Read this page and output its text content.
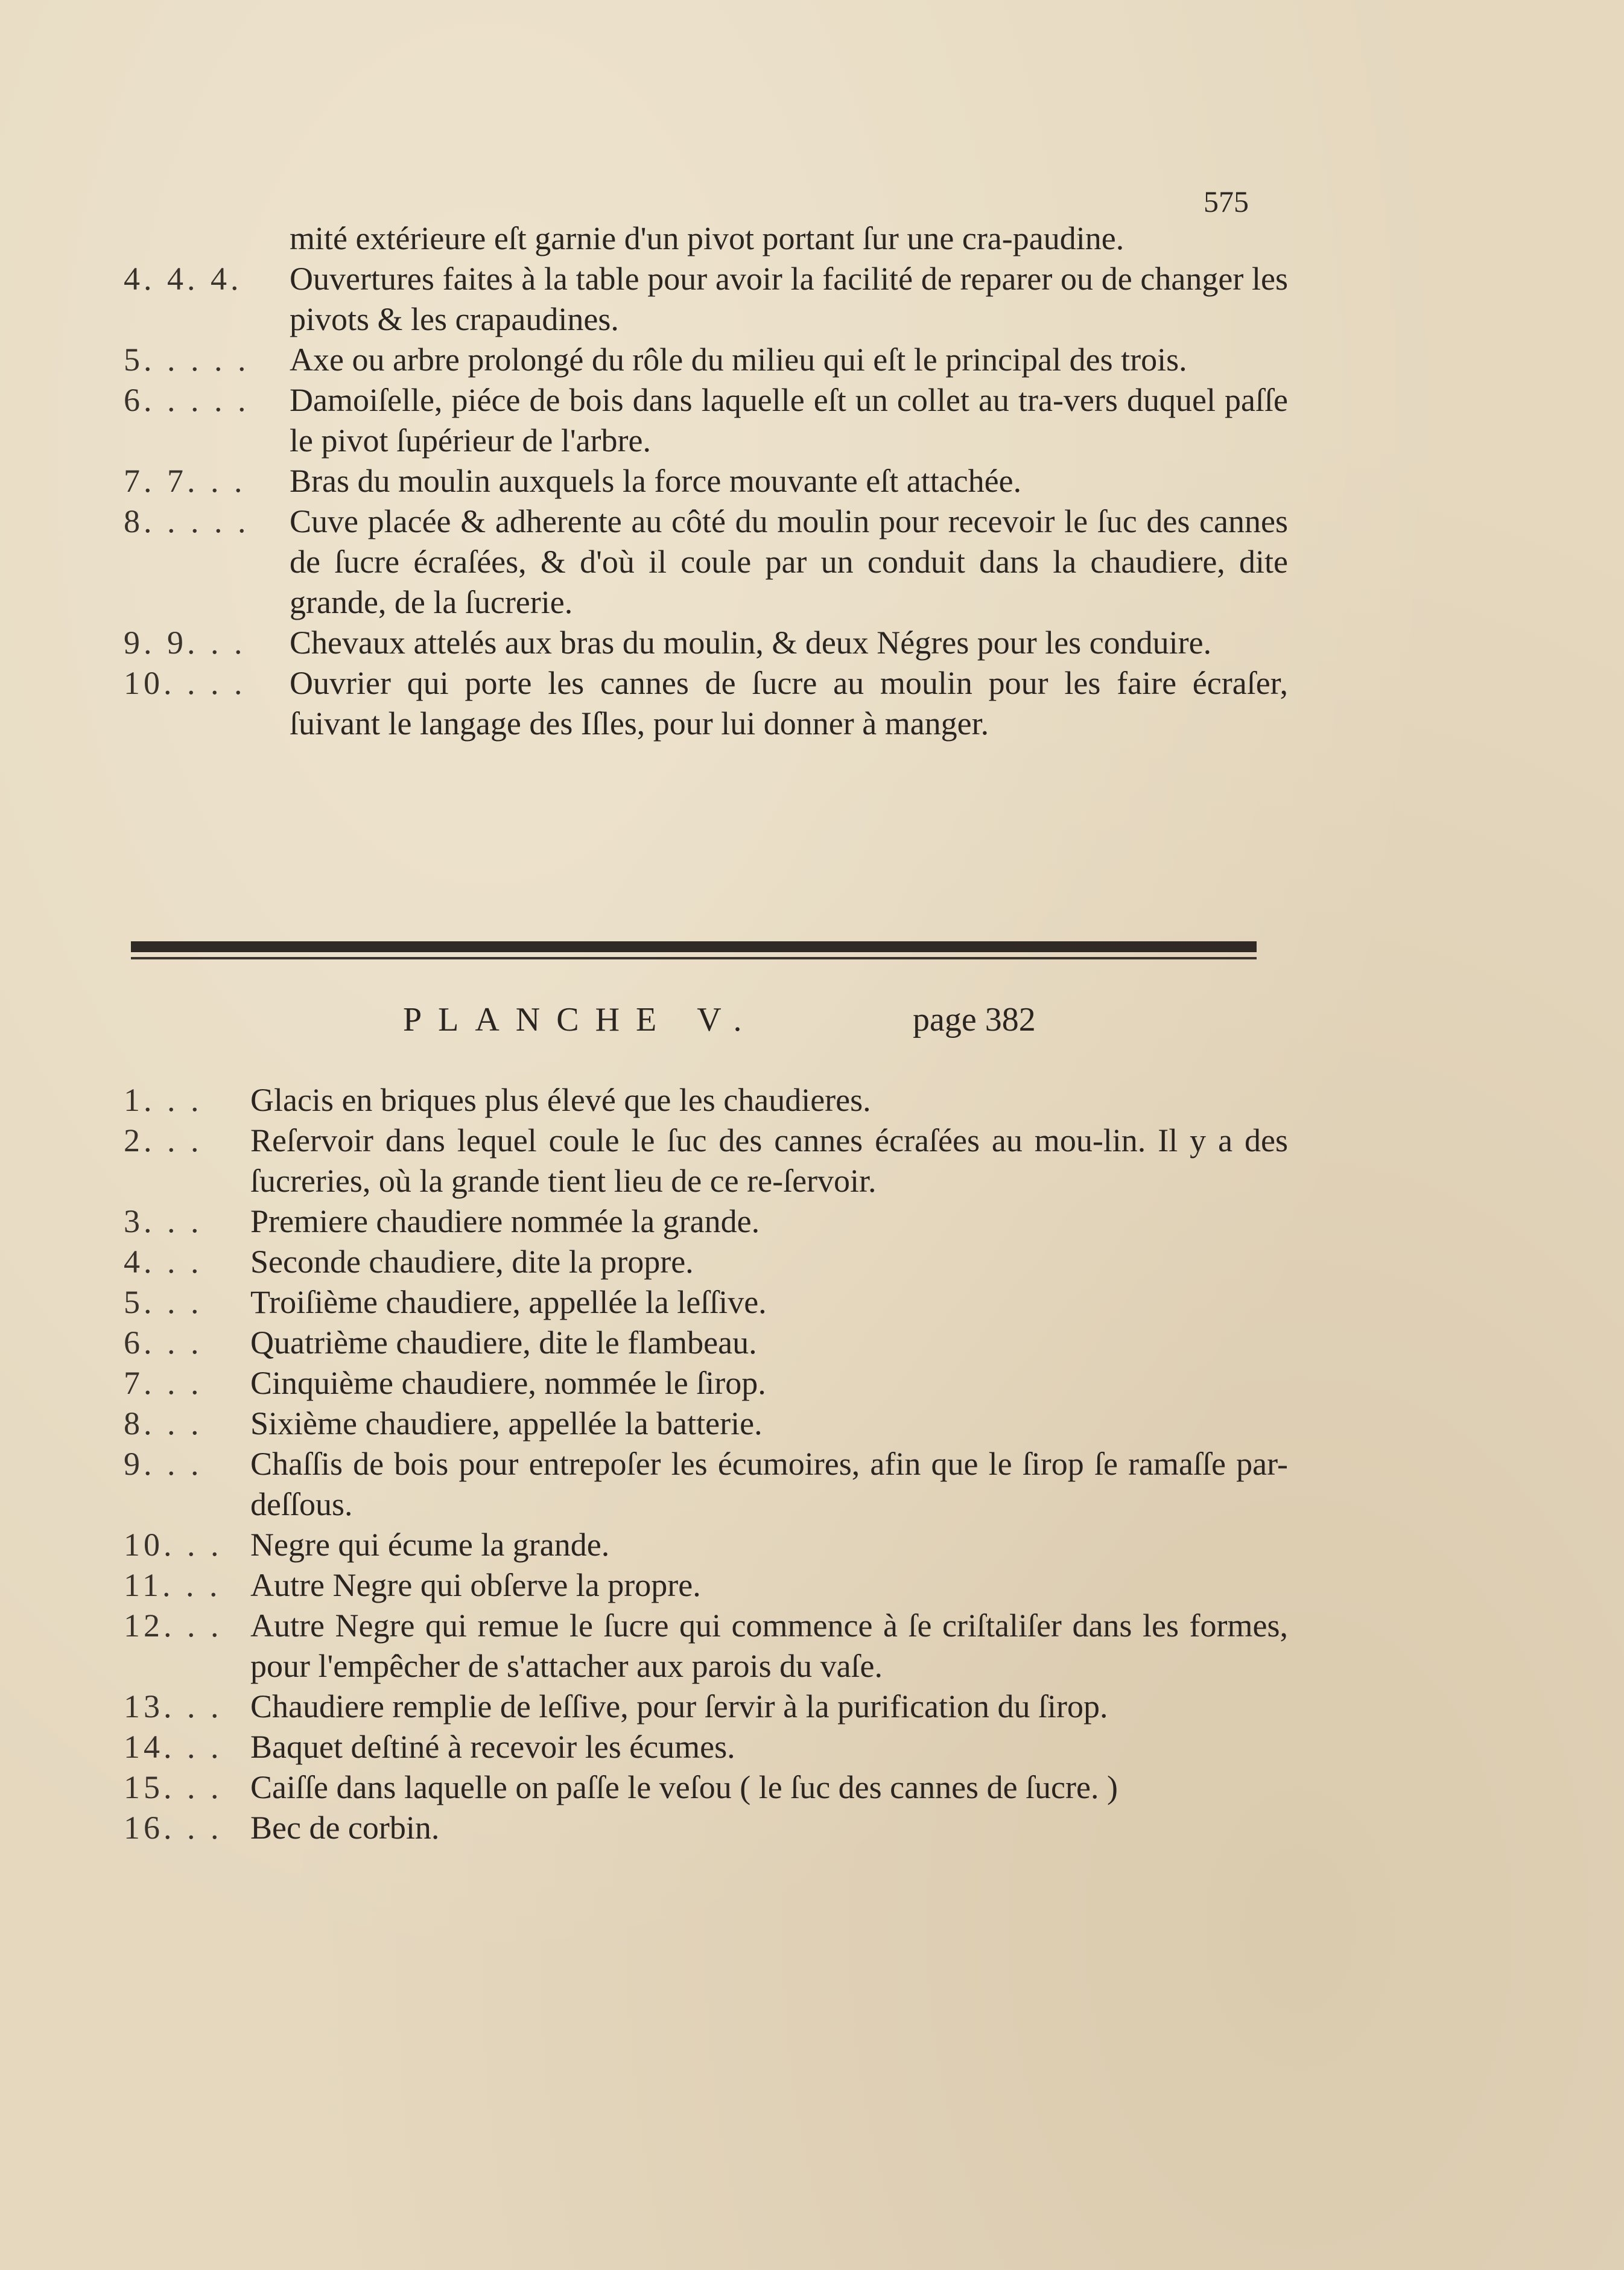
575
mité extérieure eſt garnie d'un pivot portant ſur une cra-paudine.
4. 4. 4.	Ouvertures faites à la table pour avoir la facilité de reparer ou de changer les pivots & les crapaudines.
5. . . . .	Axe ou arbre prolongé du rôle du milieu qui eſt le principal des trois.
6. . . . .	Damoiſelle, piéce de bois dans laquelle eſt un collet au tra-vers duquel paſſe le pivot ſupérieur de l'arbre.
7. 7. . .	Bras du moulin auxquels la force mouvante eſt attachée.
8. . . . .	Cuve placée & adherente au côté du moulin pour recevoir le ſuc des cannes de ſucre écraſées, & d'où il coule par un conduit dans la chaudiere, dite grande, de la ſucrerie.
9. 9. . .	Chevaux attelés aux bras du moulin, & deux Négres pour les conduire.
10. . . .	Ouvrier qui porte les cannes de ſucre au moulin pour les faire écraſer, ſuivant le langage des Iſles, pour lui donner à manger.
PLANCHE V.	page 382
1. . .	Glacis en briques plus élevé que les chaudieres.
2. . .	Reſervoir dans lequel coule le ſuc des cannes écraſées au mou-lin. Il y a des ſucreries, où la grande tient lieu de ce re-ſervoir.
3. . .	Premiere chaudiere nommée la grande.
4. . .	Seconde chaudiere, dite la propre.
5. . .	Troiſième chaudiere, appellée la leſſive.
6. . .	Quatrième chaudiere, dite le flambeau.
7. . .	Cinquième chaudiere, nommée le ſirop.
8. . .	Sixième chaudiere, appellée la batterie.
9. . .	Chaſſis de bois pour entrepoſer les écumoires, afin que le ſirop ſe ramaſſe par-deſſous.
10. . . Negre qui écume la grande.
11. . . Autre Negre qui obſerve la propre.
12. . . Autre Negre qui remue le ſucre qui commence à ſe criſtaliſer dans les formes, pour l'empêcher de s'attacher aux parois du vaſe.
13. . . Chaudiere remplie de leſſive, pour ſervir à la purification du ſirop.
14. . . Baquet deſtiné à recevoir les écumes.
15. . . Caiſſe dans laquelle on paſſe le veſou ( le ſuc des cannes de ſucre. )
16. . . Bec de corbin.
